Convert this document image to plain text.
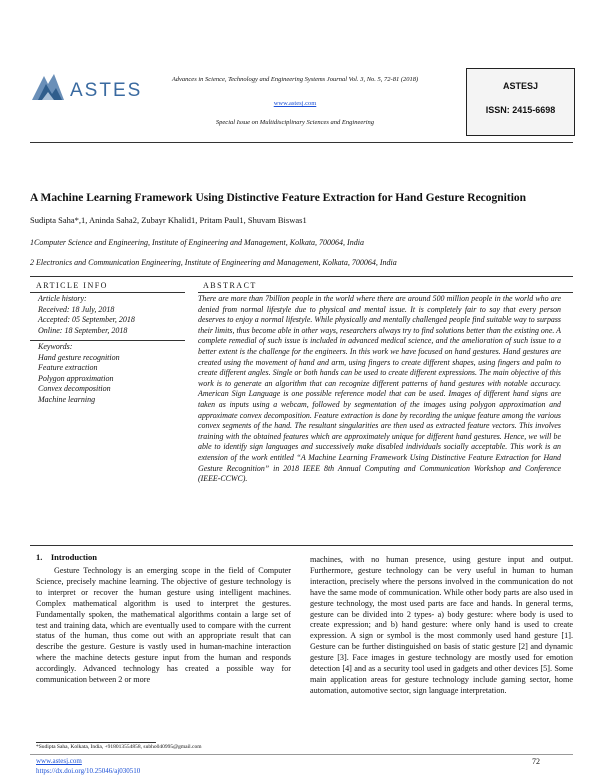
ASTES
Advances in Science, Technology and Engineering Systems Journal Vol. 3, No. 5, 72-81 (2018)
www.astesj.com
Special Issue on Multidisciplinary Sciences and Engineering
ASTESJ
ISSN: 2415-6698
A Machine Learning Framework Using Distinctive Feature Extraction for Hand Gesture Recognition
Sudipta Saha*,1, Aninda Saha2, Zubayr Khalid1, Pritam Paul1, Shuvam Biswas1
1Computer Science and Engineering, Institute of Engineering and Management, Kolkata, 700064, India
2 Electronics and Communication Engineering, Institute of Engineering and Management, Kolkata, 700064, India
ARTICLE INFO	ABSTRACT
Article history:
Received: 18 July, 2018
Accepted: 05 September, 2018
Online: 18 September, 2018
Keywords:
Hand gesture recognition
Feature extraction
Polygon approximation
Convex decomposition
Machine learning
There are more than 7billion people in the world where there are around 500 million people in the world who are denied from normal lifestyle due to physical and mental issue. It is completely fair to say that every person deserves to enjoy a normal lifestyle. While physically and mentally challenged people find suitable way to surpass their limits, thus become able in other ways, researchers always try to find solutions better than the existing one. A complete remedial of such issue is included in advanced medical science, and the amelioration of such issue to a better extent is the challenge for the engineers. In this work we have focused on hand gestures. Hand gestures are created using the movement of hand and arm, using fingers to create different shapes, using fingers and palm to create different angles. Single or both hands can be used to create different expressions. The main objective of this work is to generate an algorithm that can recognize different patterns of hand gestures with notable accuracy. American Sign Language is one possible reference model that can be used. Images of different hand signs are taken as inputs using a webcam, followed by segmentation of the images using polygon approximation and approximate convex decomposition. Feature extraction is done by recording the unique feature among the various convex segments of the hand. The resultant singularities are then used as extracted feature vectors. This involves training with the obtained features which are approximately unique for different hand gestures. Hence, we will be able to identify sign languages and successively make disabled individuals socially acceptable. This work is an extension of the work entitled “A Machine Learning Framework Using Distinctive Feature Extraction for Hand Gesture Recognition” in 2018 IEEE 8th Annual Computing and Communication Workshop and Conference (IEEE-CCWC).
1. Introduction
Gesture Technology is an emerging scope in the field of Computer Science, precisely machine learning. The objective of gesture technology is to interpret or recover the human gesture using intelligent machines. Complex mathematical algorithm is used to interpret the gestures. Fundamentally spoken, the mathematical algorithms contain a large set of test and training data, which are eventually used to compare with the current status of the human, thus come out with an appropriate result that can describe the gesture. Gesture is vastly used in human-machine interaction where the machine detects gesture input from the human and responds accordingly. Advanced technology has created a possible way for communication between 2 or more
machines, with no human presence, using gesture input and output. Furthermore, gesture technology can be very useful in human to human interaction, precisely where the persons involved in the communication do not have the same mode of communication. While other body parts are also used in gesture technology, the most used parts are face and hands. In general terms, gesture can be divided into 2 types- a) body gesture: where body is used to create expression; and b) hand gesture: where only hand is used to create expression. A sign or symbol is the most commonly used hand gesture [1]. Gesture can be further distinguished on basis of static gesture [2] and dynamic gesture [3]. Face images in gesture technology are mostly used for emotion detection [4] and as a security tool used in gadgets and other devices [5]. Some main application areas for gesture technology include gaming sector, home automation, automotive sector, sign language interpretation.
*Sudipta Saha, Kolkata, India, +918013554858, subho040995@gmail.com
www.astesj.com
https://dx.doi.org/10.25046/aj030510
72
